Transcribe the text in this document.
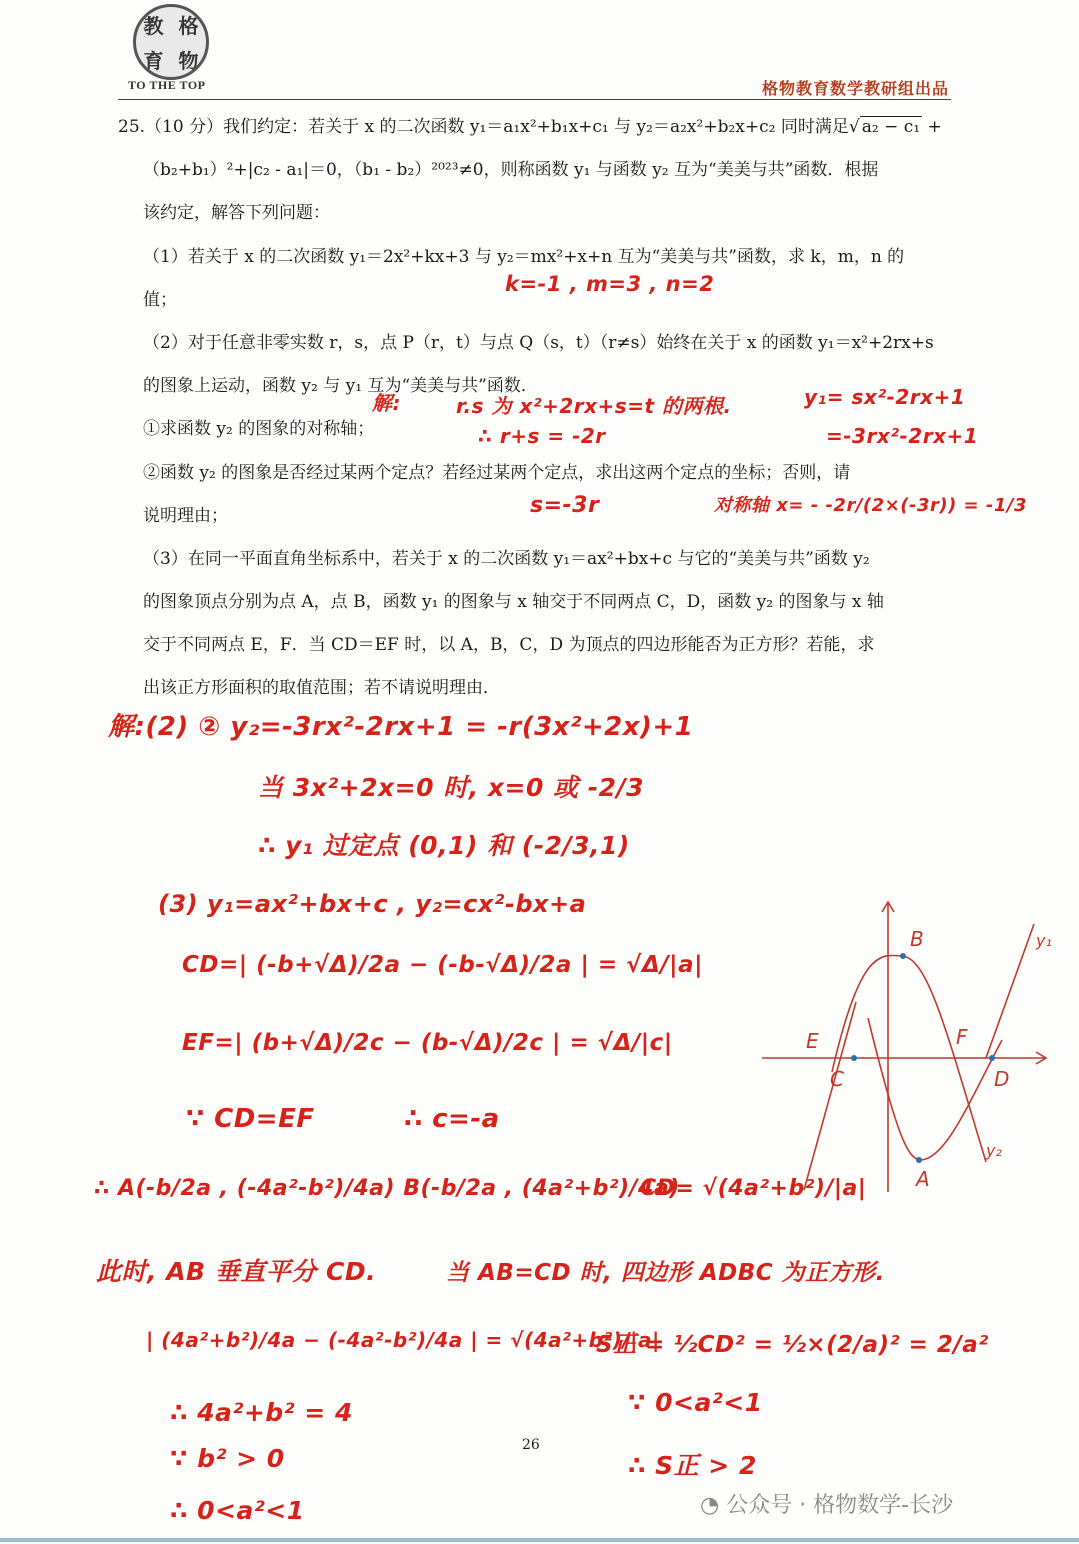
教 格
育 物
TO THE TOP	格物教育数学教研组出品
25.（10 分）我们约定：若关于 x 的二次函数 y₁＝a₁x²+b₁x+c₁ 与 y₂＝a₂x²+b₂x+c₂ 同时满足√ a₂ − c₁ +
（b₂+b₁）²+|c₂ - a₁|＝0，（b₁ - b₂）²⁰²³≠0，则称函数 y₁ 与函数 y₂ 互为“美美与共”函数．根据
该约定，解答下列问题：
（1）若关于 x 的二次函数 y₁＝2x²+kx+3 与 y₂＝mx²+x+n 互为“美美与共”函数，求 k，m，n 的
值；
（2）对于任意非零实数 r，s，点 P（r，t）与点 Q（s，t）（r≠s）始终在关于 x 的函数 y₁＝x²+2rx+s
的图象上运动，函数 y₂ 与 y₁ 互为“美美与共”函数．
①求函数 y₂ 的图象的对称轴；
②函数 y₂ 的图象是否经过某两个定点？若经过某两个定点，求出这两个定点的坐标；否则，请
说明理由；
（3）在同一平面直角坐标系中，若关于 x 的二次函数 y₁＝ax²+bx+c 与它的“美美与共”函数 y₂
的图象顶点分别为点 A，点 B，函数 y₁ 的图象与 x 轴交于不同两点 C，D，函数 y₂ 的图象与 x 轴
交于不同两点 E，F．当 CD＝EF 时，以 A，B，C，D 为顶点的四边形能否为正方形？若能，求
出该正方形面积的取值范围；若不请说明理由．
k=-1 , m=3 , n=2
解:	r.s 为 x²+2rx+s=t 的两根.
∴ r+s = -2r
y₁= sx²-2rx+1
=-3rx²-2rx+1
s=-3r	对称轴 x= - -2r/(2×(-3r)) = -1/3
解:(2) ② y₂=-3rx²-2rx+1 = -r(3x²+2x)+1
当 3x²+2x=0 时, x=0 或 -2/3
∴ y₁ 过定点 (0,1) 和 (-2/3,1)
(3) y₁=ax²+bx+c , y₂=cx²-bx+a
CD=| (-b+√Δ)/2a − (-b-√Δ)/2a | = √Δ/|a|
EF=| (b+√Δ)/2c − (b-√Δ)/2c | = √Δ/|c|
∵ CD=EF	∴ c=-a
∴ A(-b/2a , (-4a²-b²)/4a) B(-b/2a , (4a²+b²)/4a)
CD= √(4a²+b²)/|a|
此时, AB 垂直平分 CD.	当 AB=CD 时, 四边形 ADBC 为正方形.
| (4a²+b²)/4a − (-4a²-b²)/4a | = √(4a²+b²)/|a|
S正 = ½CD² = ½×(2/a)² = 2/a²
∴ 4a²+b² = 4
∵ b² > 0
∴ 0<a²<1
∵ 0<a²<1
∴ S正 > 2
B	y₁
E	F
C	D
A
y₂
26
◔ 公众号 · 格物数学-长沙
